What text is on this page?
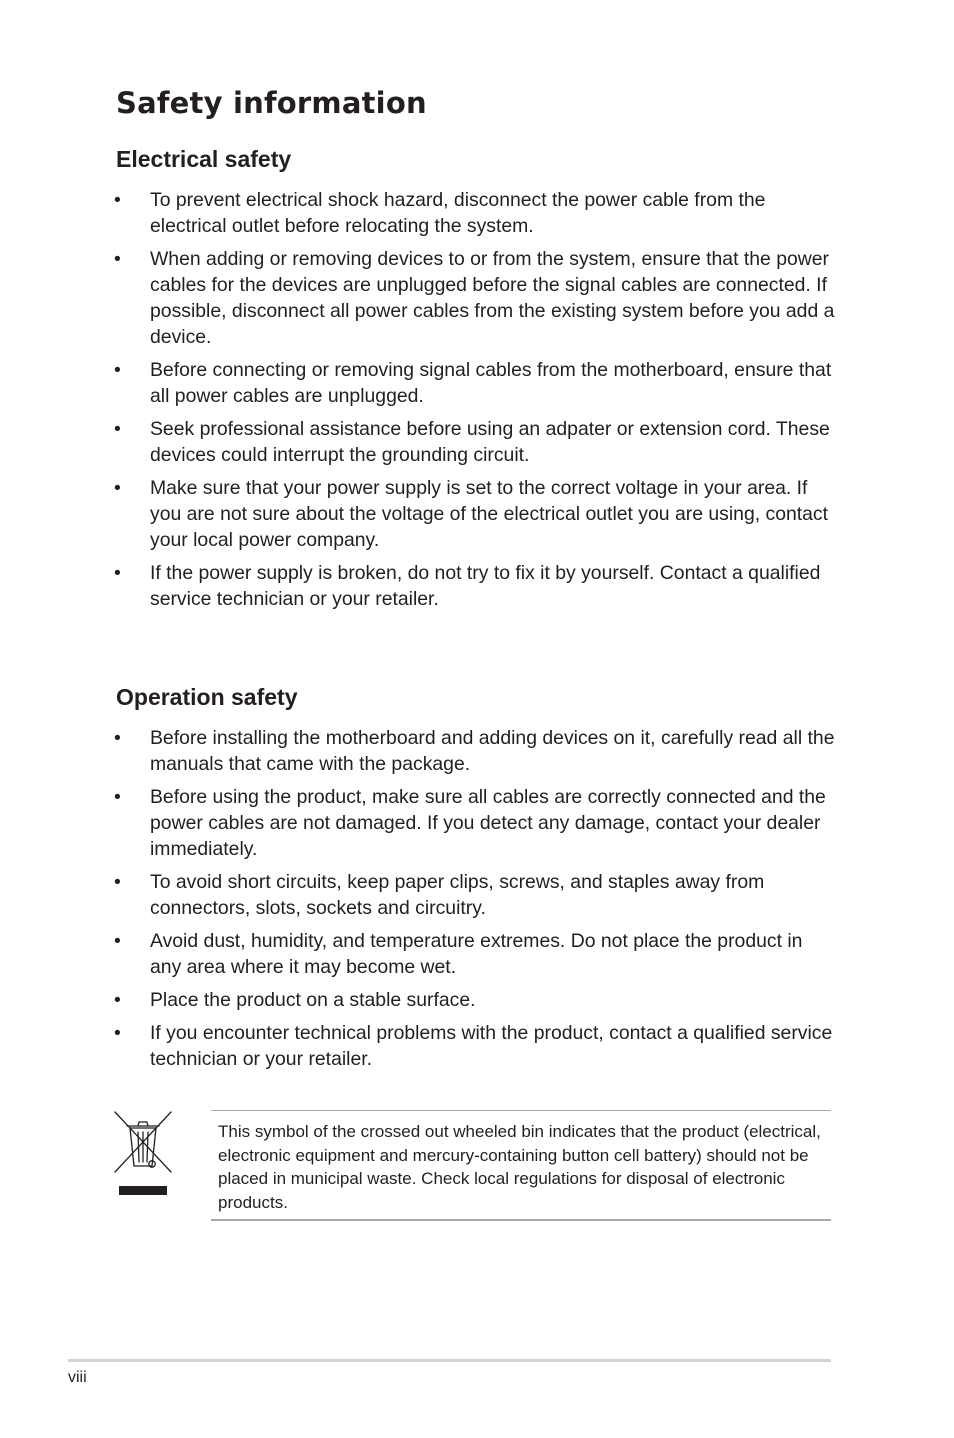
Safety information
Electrical safety
•	To prevent electrical shock hazard, disconnect the power cable from the electrical outlet before relocating the system.
•	When adding or removing devices to or from the system, ensure that the power cables for the devices are unplugged before the signal cables are connected. If possible, disconnect all power cables from the existing system before you add a device.
•	Before connecting or removing signal cables from the motherboard, ensure that all power cables are unplugged.
•	Seek professional assistance before using an adpater or extension cord. These devices could interrupt the grounding circuit.
•	Make sure that your power supply is set to the correct voltage in your area. If you are not sure about the voltage of the electrical outlet you are using, contact your local power company.
•	If the power supply is broken, do not try to fix it by yourself. Contact a qualified service technician or your retailer.
Operation safety
•	Before installing the motherboard and adding devices on it, carefully read all the manuals that came with the package.
•	Before using the product, make sure all cables are correctly connected and the power cables are not damaged. If you detect any damage, contact your dealer immediately.
•	To avoid short circuits, keep paper clips, screws, and staples away from connectors, slots, sockets and circuitry.
•	Avoid dust, humidity, and temperature extremes. Do not place the product in any area where it may become wet.
•	Place the product on a stable surface.
•	If you encounter technical problems with the product, contact a qualified service technician or your retailer.

This symbol of the crossed out wheeled bin indicates that the product (electrical, electronic equipment and mercury-containing button cell battery) should not be placed in municipal waste. Check local regulations for disposal of electronic products.

viii
